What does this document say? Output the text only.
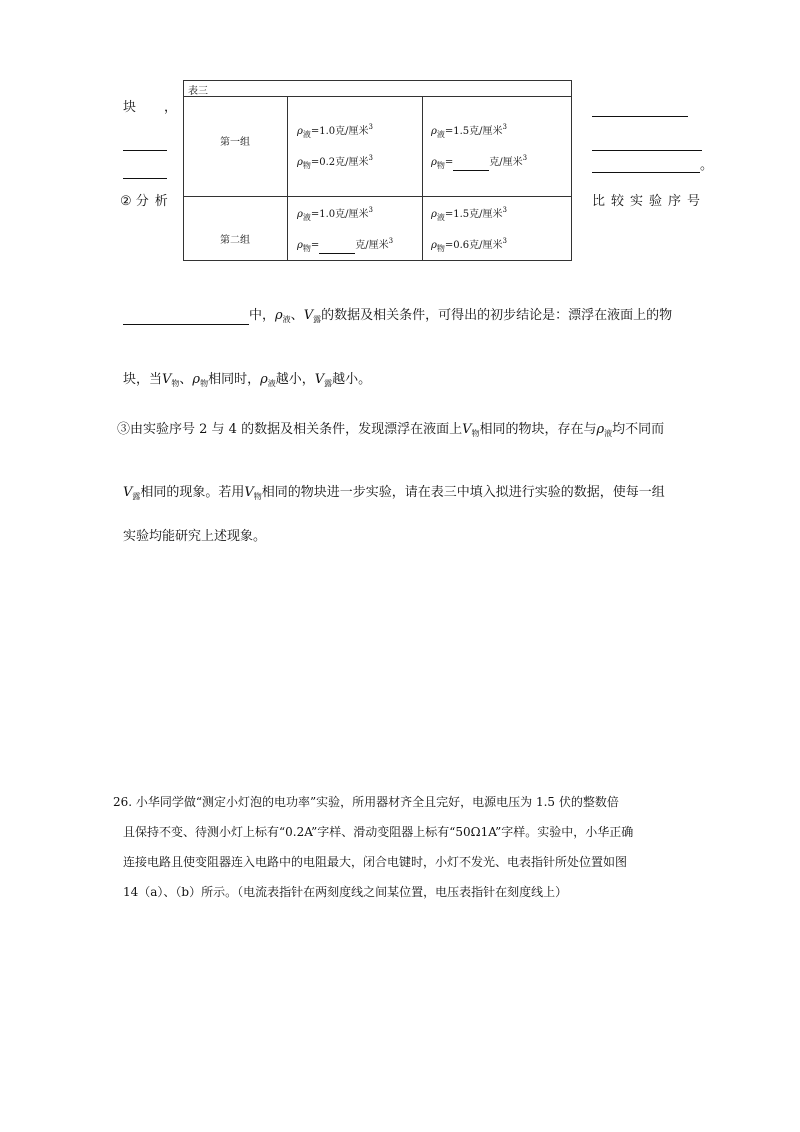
块 ，
② 分析
。
比较实验序号
表三
第一组
第二组
$\rho_液=1.0$克/厘米$^3$
$\rho_物=0.2$克/厘米$^3$
$\rho_液=1.5$克/厘米$^3$
$\rho_物=$	克/厘米$^3$
$\rho_液=1.0$克/厘米$^3$
$\rho_物=$	克/厘米$^3$
$\rho_液=1.5$克/厘米$^3$
$\rho_物=0.6$克/厘米$^3$
中，$\rho_液$、$V_露$的数据及相关条件，可得出的初步结论是：漂浮在液面上的物
块，当$V_物$、$\rho_物$相同时，$\rho_液$越小，$V_露$越小。
③由实验序号 2 与 4 的数据及相关条件，发现漂浮在液面上$V_物$相同的物块，存在与$\rho_液$均不同而
$V_露$相同的现象。若用$V_物$相同的物块进一步实验，请在表三中填入拟进行实验的数据，使每一组
实验均能研究上述现象。
26. 小华同学做“测定小灯泡的电功率”实验，所用器材齐全且完好，电源电压为 1.5 伏的整数倍
且保持不变、待测小灯上标有“0.2A”字样、滑动变阻器上标有“50Ω1A”字样。实验中，小华正确
连接电路且使变阻器连入电路中的电阻最大，闭合电键时，小灯不发光、电表指针所处位置如图
14（a）、（b）所示。（电流表指针在两刻度线之间某位置，电压表指针在刻度线上）
